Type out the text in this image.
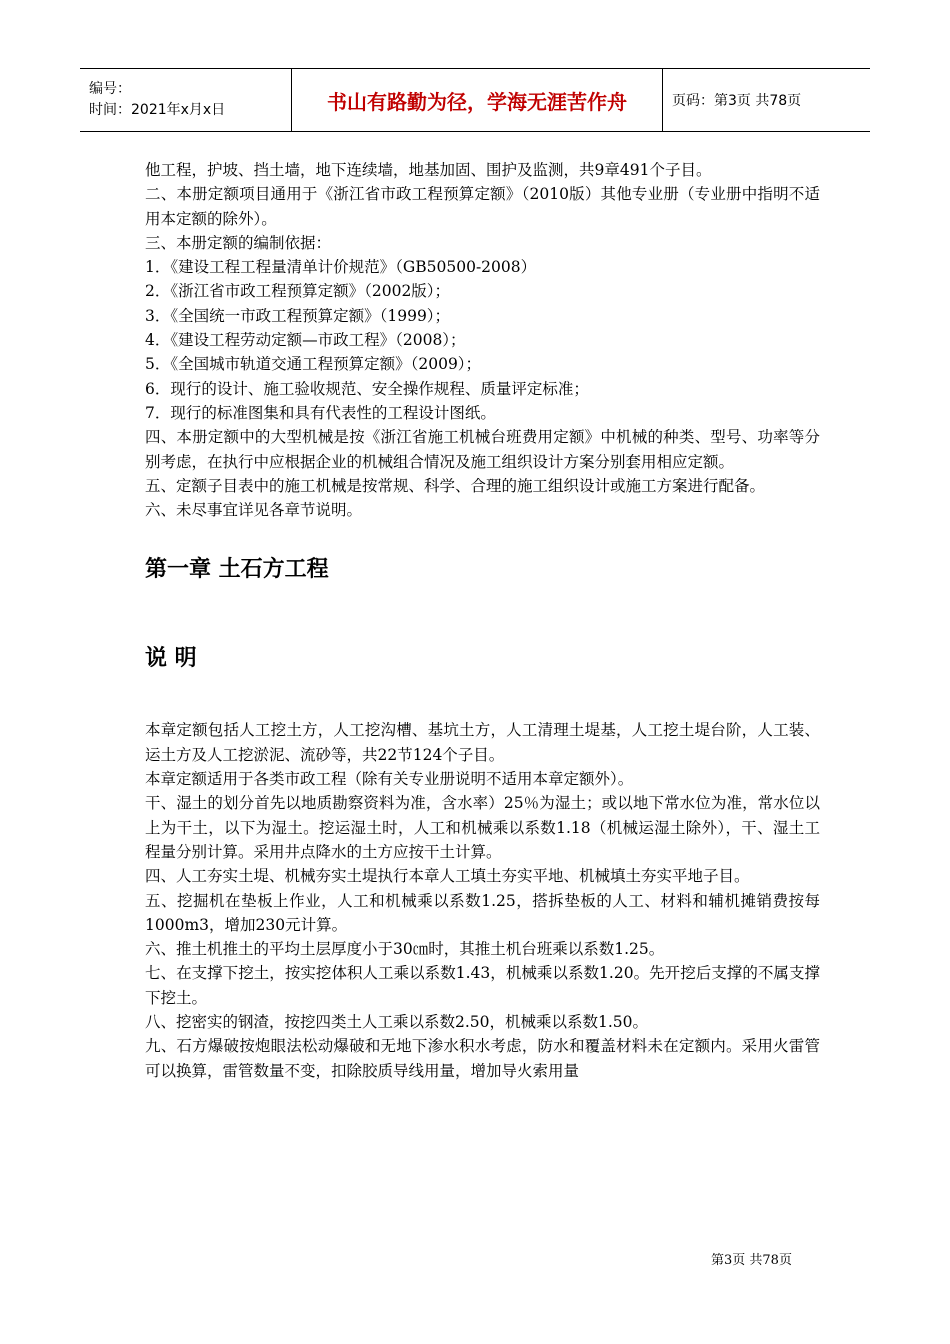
编号：
时间：2021年x月x日	书山有路勤为径，学海无涯苦作舟	页码：第3页 共78页

他工程，护坡、挡土墙，地下连续墙，地基加固、围护及监测，共9章491个子目。

二、本册定额项目通用于《浙江省市政工程预算定额》（2010版）其他专业册（专业册中指明不适用本定额的除外）。

三、本册定额的编制依据：

1．《建设工程工程量清单计价规范》（GB50500-2008）

2．《浙江省市政工程预算定额》（2002版）；

3．《全国统一市政工程预算定额》（1999）；

4．《建设工程劳动定额—市政工程》（2008）；

5．《全国城市轨道交通工程预算定额》（2009）；

6．现行的设计、施工验收规范、安全操作规程、质量评定标准；

7．现行的标准图集和具有代表性的工程设计图纸。

四、本册定额中的大型机械是按《浙江省施工机械台班费用定额》中机械的种类、型号、功率等分别考虑，在执行中应根据企业的机械组合情况及施工组织设计方案分别套用相应定额。

五、定额子目表中的施工机械是按常规、科学、合理的施工组织设计或施工方案进行配备。

六、未尽事宜详见各章节说明。

第一章 土石方工程
说 明

本章定额包括人工挖土方，人工挖沟槽、基坑土方，人工清理土堤基，人工挖土堤台阶，人工装、运土方及人工挖淤泥、流砂等，共22节124个子目。

本章定额适用于各类市政工程（除有关专业册说明不适用本章定额外）。

干、湿土的划分首先以地质勘察资料为准，含水率）25％为湿土；或以地下常水位为准，常水位以上为干土，以下为湿土。挖运湿土时，人工和机械乘以系数1.18（机械运湿土除外），干、湿土工程量分别计算。采用井点降水的土方应按干土计算。

四、人工夯实土堤、机械夯实土堤执行本章人工填土夯实平地、机械填土夯实平地子目。

五、挖掘机在垫板上作业，人工和机械乘以系数1.25，搭拆垫板的人工、材料和辅机摊销费按每1000m3，增加230元计算。

六、推土机推土的平均土层厚度小于30㎝时，其推土机台班乘以系数1.25。

七、在支撑下挖土，按实挖体积人工乘以系数1.43，机械乘以系数1.20。先开挖后支撑的不属支撑下挖土。

八、挖密实的钢渣，按挖四类土人工乘以系数2.50，机械乘以系数1.50。

九、石方爆破按炮眼法松动爆破和无地下渗水积水考虑，防水和覆盖材料未在定额内。采用火雷管可以换算，雷管数量不变，扣除胶质导线用量，增加导火索用量

第3页 共78页
